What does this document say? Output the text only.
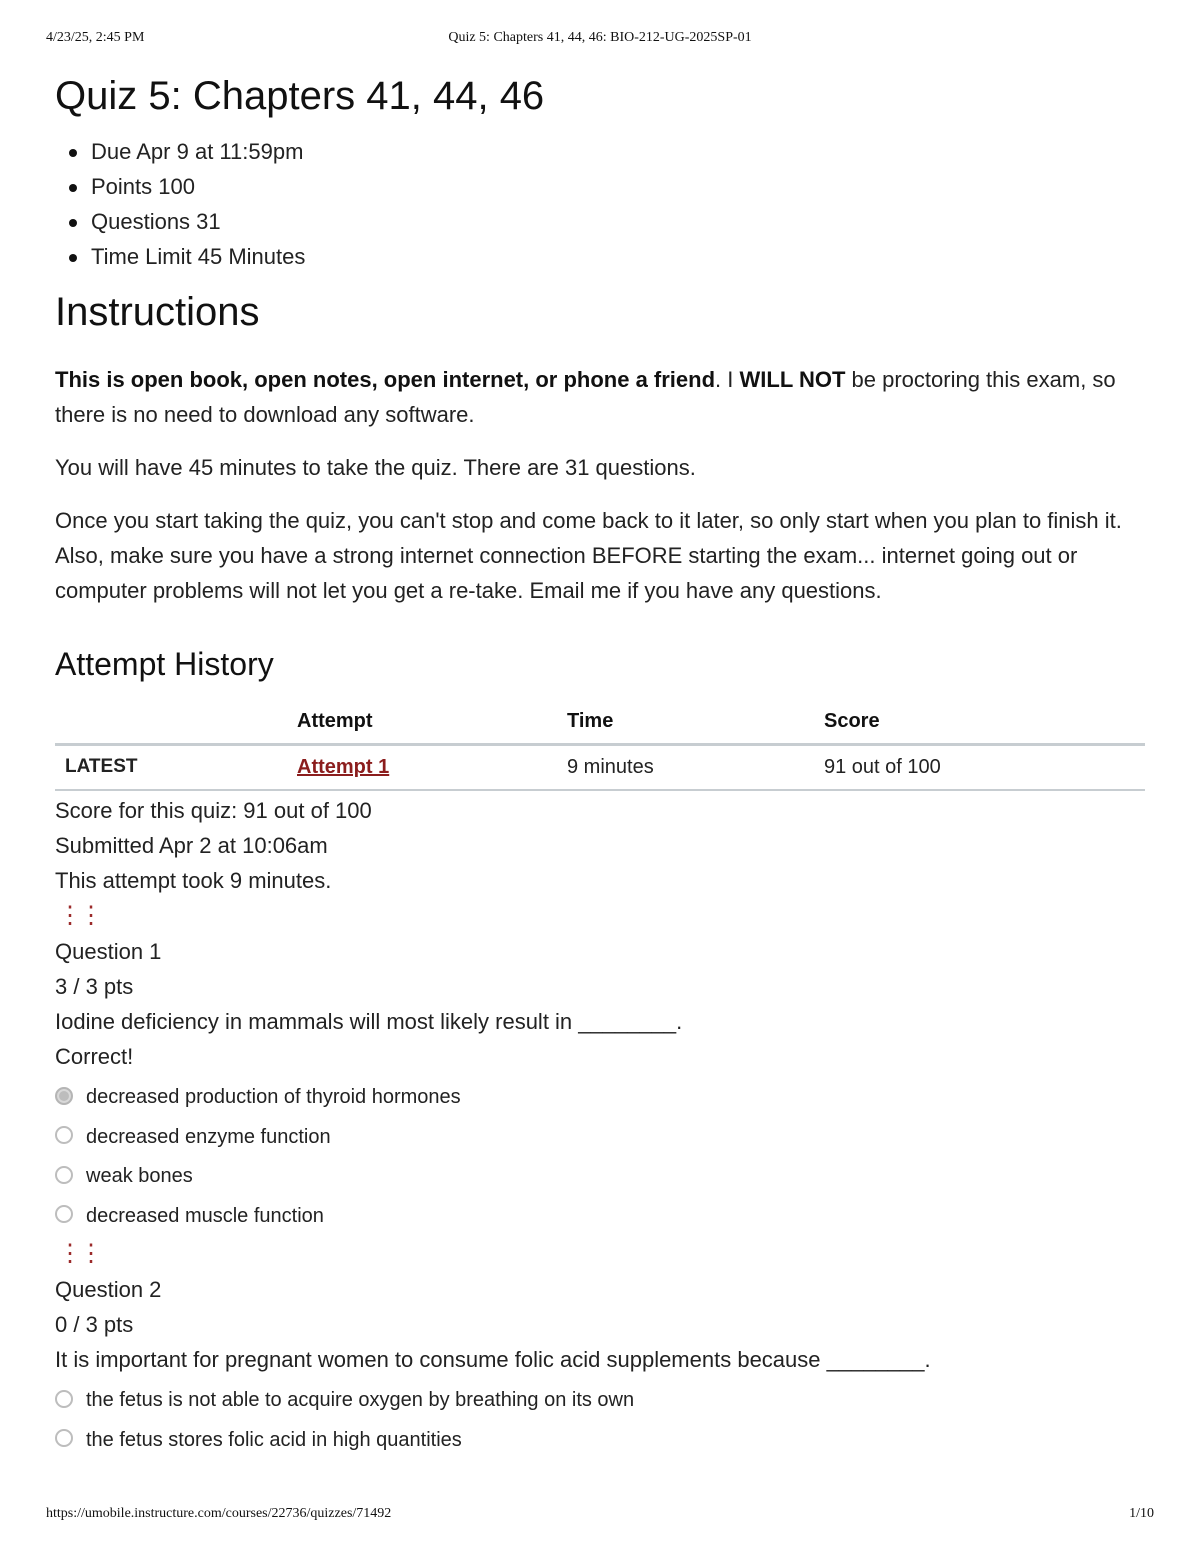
4/23/25, 2:45 PM	Quiz 5: Chapters 41, 44, 46: BIO-212-UG-2025SP-01
Quiz 5: Chapters 41, 44, 46
Due Apr 9 at 11:59pm
Points 100
Questions 31
Time Limit 45 Minutes
Instructions

This is open book, open notes, open internet, or phone a friend. I WILL NOT be proctoring this exam, so there is no need to download any software.

You will have 45 minutes to take the quiz. There are 31 questions.

Once you start taking the quiz, you can't stop and come back to it later, so only start when you plan to finish it. Also, make sure you have a strong internet connection BEFORE starting the exam... internet going out or computer problems will not let you get a re-take. Email me if you have any questions.

Attempt History
	Attempt	Time	Score
LATEST	Attempt 1	9 minutes	91 out of 100

Score for this quiz: 91 out of 100

Submitted Apr 2 at 10:06am

This attempt took 9 minutes.

⋮⋮
Question 1
3 / 3 pts
Iodine deficiency in mammals will most likely result in ________.
Correct!
decreased production of thyroid hormones
decreased enzyme function
weak bones
decreased muscle function
⋮⋮
Question 2
0 / 3 pts
It is important for pregnant women to consume folic acid supplements because ________.
the fetus is not able to acquire oxygen by breathing on its own
the fetus stores folic acid in high quantities
https://umobile.instructure.com/courses/22736/quizzes/71492	1/10
